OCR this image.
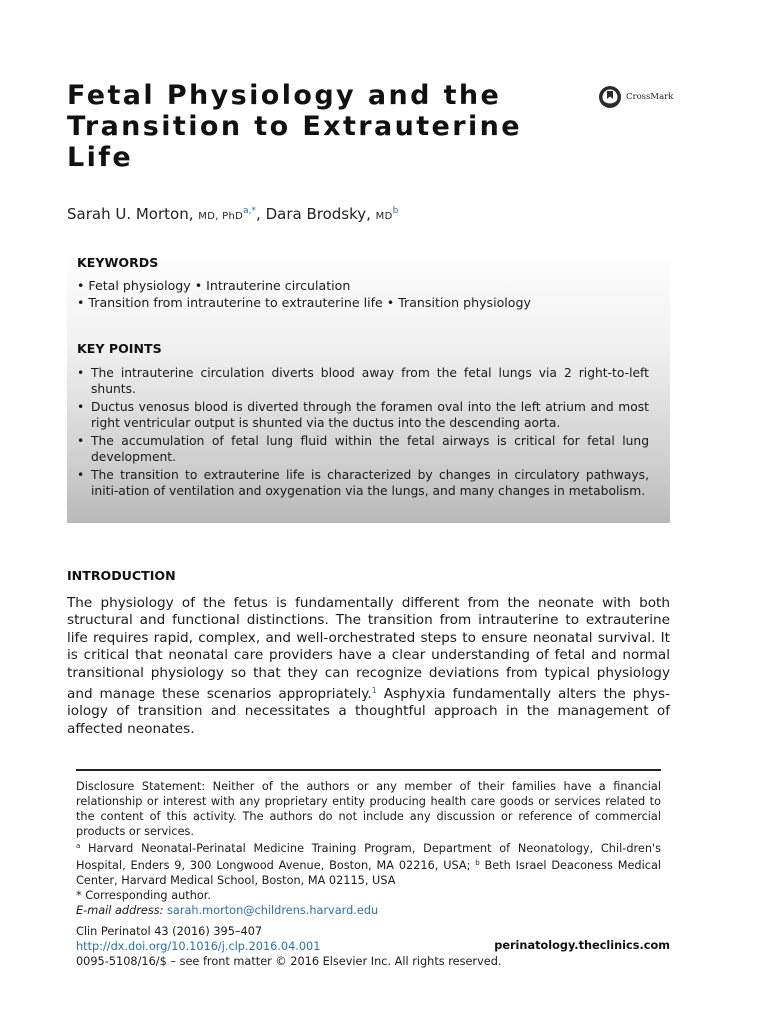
Fetal Physiology and the
Transition to Extrauterine
Life
CrossMark
Sarah U. Morton, MD, PhD$^{a,*}$, Dara Brodsky, $MD^b$
KEYWORDS
• Fetal physiology • Intrauterine circulation
• Transition from intrauterine to extrauterine life • Transition physiology
KEY POINTS
• The intrauterine circulation diverts blood away from the fetal lungs via 2 right-to-left shunts.
• Ductus venosus blood is diverted through the foramen oval into the left atrium and most right ventricular output is shunted via the ductus into the descending aorta.
• The accumulation of fetal lung fluid within the fetal airways is critical for fetal lung development.
• The transition to extrauterine life is characterized by changes in circulatory pathways, initi-ation of ventilation and oxygenation via the lungs, and many changes in metabolism.
INTRODUCTION

The physiology of the fetus is fundamentally different from the neonate with both structural and functional distinctions. The transition from intrauterine to extrauterine life requires rapid, complex, and well-orchestrated steps to ensure neonatal survival. It is critical that neonatal care providers have a clear understanding of fetal and normal transitional physiology so that they can recognize deviations from typical physiology and manage these scenarios appropriately.$^1$ Asphyxia fundamentally alters the phys-iology of transition and necessitates a thoughtful approach in the management of affected neonates.

Disclosure Statement: Neither of the authors or any member of their families have a financial relationship or interest with any proprietary entity producing health care goods or services related to the content of this activity. The authors do not include any discussion or reference of commercial products or services.

$^a$ Harvard Neonatal-Perinatal Medicine Training Program, Department of Neonatology, Chil-dren's Hospital, Enders 9, 300 Longwood Avenue, Boston, MA 02216, USA; $^b$ Beth Israel Deaconess Medical Center, Harvard Medical School, Boston, MA 02115, USA

* Corresponding author.

E-mail address: sarah.morton@childrens.harvard.edu

Clin Perinatol 43 (2016) 395–407
http://dx.doi.org/10.1016/j.clp.2016.04.001
0095-5108/16/$ – see front matter © 2016 Elsevier Inc. All rights reserved.
perinatology.theclinics.com
